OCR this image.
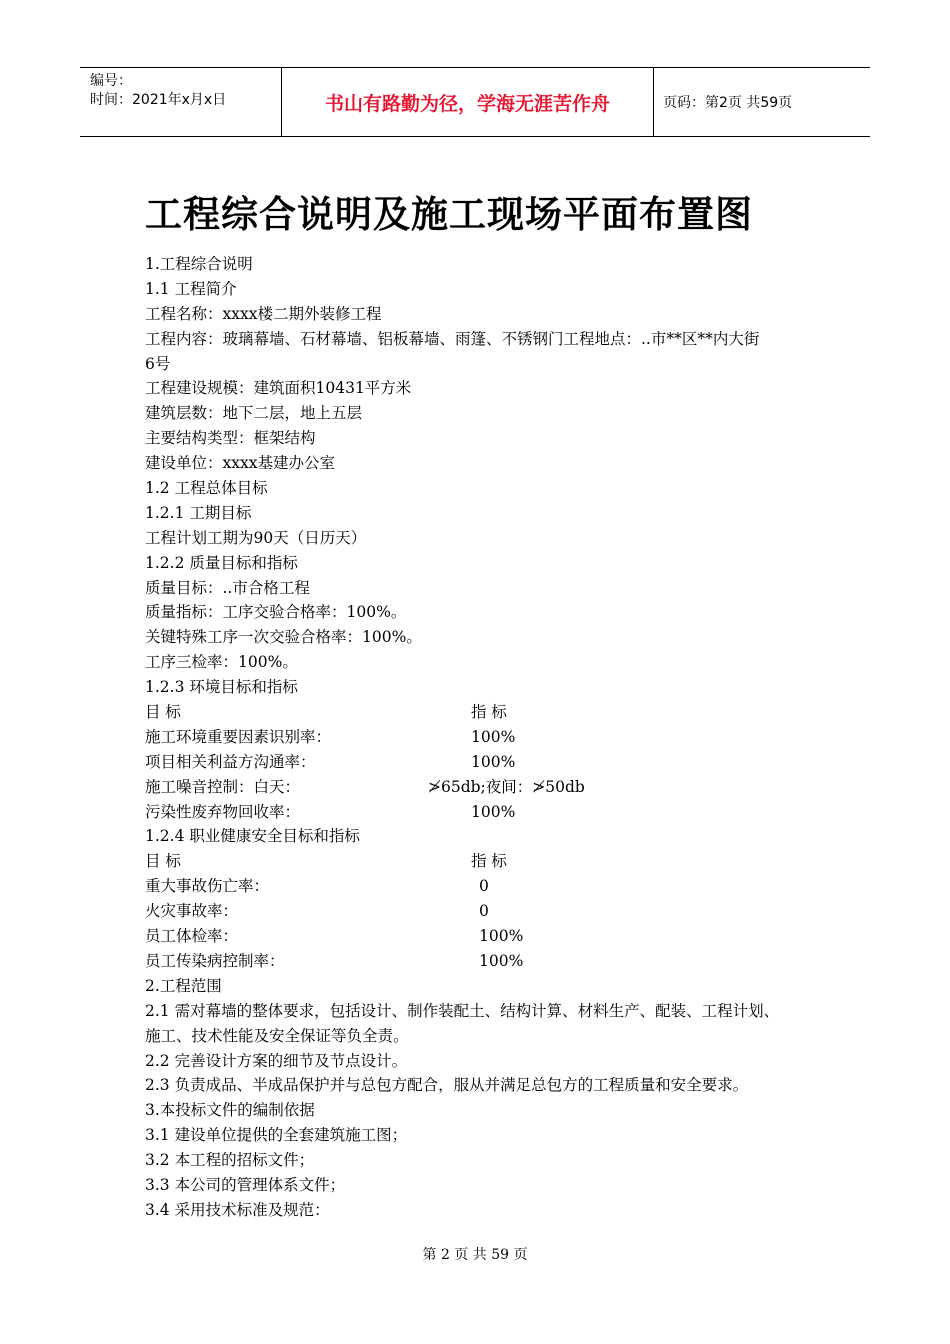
编号：
时间：2021年x月x日	书山有路勤为径，学海无涯苦作舟	页码：第2页 共59页
工程综合说明及施工现场平面布置图
1.工程综合说明
1.1 工程简介
工程名称：xxxx楼二期外装修工程
工程内容：玻璃幕墙、石材幕墙、铝板幕墙、雨篷、不锈钢门工程地点：..市**区**内大街
6号
工程建设规模：建筑面积10431平方米
建筑层数：地下二层，地上五层
主要结构类型：框架结构
建设单位：xxxx基建办公室
1.2 工程总体目标
1.2.1 工期目标
工程计划工期为90天（日历天）
1.2.2 质量目标和指标
质量目标：..市合格工程
质量指标：工序交验合格率：100%。
关键特殊工序一次交验合格率：100%。
工序三检率：100%。
1.2.3 环境目标和指标
目 标	指 标
施工环境重要因素识别率：	100%
项目相关利益方沟通率：	100%
施工噪音控制：白天：	≯65db;夜间：≯50db
污染性废弃物回收率：	100%
1.2.4 职业健康安全目标和指标
目 标	指 标
重大事故伤亡率：	0
火灾事故率：	0
员工体检率：	100%
员工传染病控制率：	100%
2.工程范围
2.1 需对幕墙的整体要求，包括设计、制作装配土、结构计算、材料生产、配装、工程计划、
施工、技术性能及安全保证等负全责。
2.2 完善设计方案的细节及节点设计。
2.3 负责成品、半成品保护并与总包方配合，服从并满足总包方的工程质量和安全要求。
3.本投标文件的编制依据
3.1 建设单位提供的全套建筑施工图；
3.2 本工程的招标文件；
3.3 本公司的管理体系文件；
3.4 采用技术标准及规范：
第 2 页 共 59 页
